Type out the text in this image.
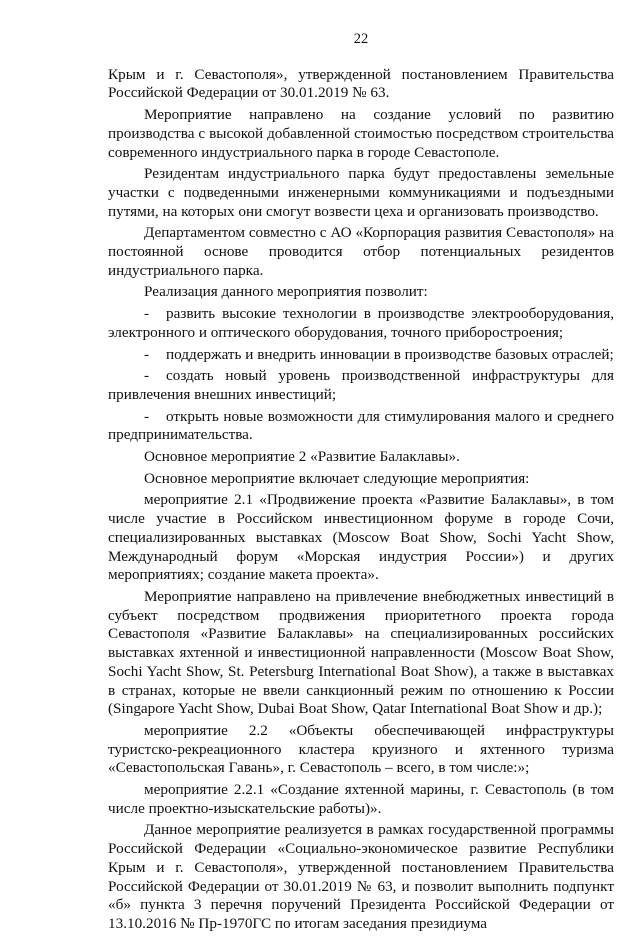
22
Крым и г. Севастополя», утвержденной постановлением Правительства Российской Федерации от 30.01.2019 № 63.
Мероприятие направлено на создание условий по развитию производства с высокой добавленной стоимостью посредством строительства современного индустриального парка в городе Севастополе.
Резидентам индустриального парка будут предоставлены земельные участки с подведенными инженерными коммуникациями и подъездными путями, на которых они смогут возвести цеха и организовать производство.
Департаментом совместно с АО «Корпорация развития Севастополя» на постоянной основе проводится отбор потенциальных резидентов индустриального парка.
Реализация данного мероприятия позволит:
- развить высокие технологии в производстве электрооборудования, электронного и оптического оборудования, точного приборостроения;
- поддержать и внедрить инновации в производстве базовых отраслей;
- создать новый уровень производственной инфраструктуры для привлечения внешних инвестиций;
- открыть новые возможности для стимулирования малого и среднего предпринимательства.
Основное мероприятие 2 «Развитие Балаклавы».
Основное мероприятие включает следующие мероприятия:
мероприятие 2.1 «Продвижение проекта «Развитие Балаклавы», в том числе участие в Российском инвестиционном форуме в городе Сочи, специализированных выставках (Moscow Boat Show, Sochi Yacht Show, Международный форум «Морская индустрия России») и других мероприятиях; создание макета проекта».
Мероприятие направлено на привлечение внебюджетных инвестиций в субъект посредством продвижения приоритетного проекта города Севастополя «Развитие Балаклавы» на специализированных российских выставках яхтенной и инвестиционной направленности (Moscow Boat Show, Sochi Yacht Show, St. Petersburg International Boat Show), а также в выставках в странах, которые не ввели санкционный режим по отношению к России (Singapore Yacht Show, Dubai Boat Show, Qatar International Boat Show и др.);
мероприятие 2.2 «Объекты обеспечивающей инфраструктуры туристско-рекреационного кластера круизного и яхтенного туризма «Севастопольская Гавань», г. Севастополь – всего, в том числе:»;
мероприятие 2.2.1 «Создание яхтенной марины, г. Севастополь (в том числе проектно-изыскательские работы)».
Данное мероприятие реализуется в рамках государственной программы Российской Федерации «Социально-экономическое развитие Республики Крым и г. Севастополя», утвержденной постановлением Правительства Российской Федерации от 30.01.2019 № 63, и позволит выполнить подпункт «б» пункта 3 перечня поручений Президента Российской Федерации от 13.10.2016 № Пр-1970ГС по итогам заседания президиума
